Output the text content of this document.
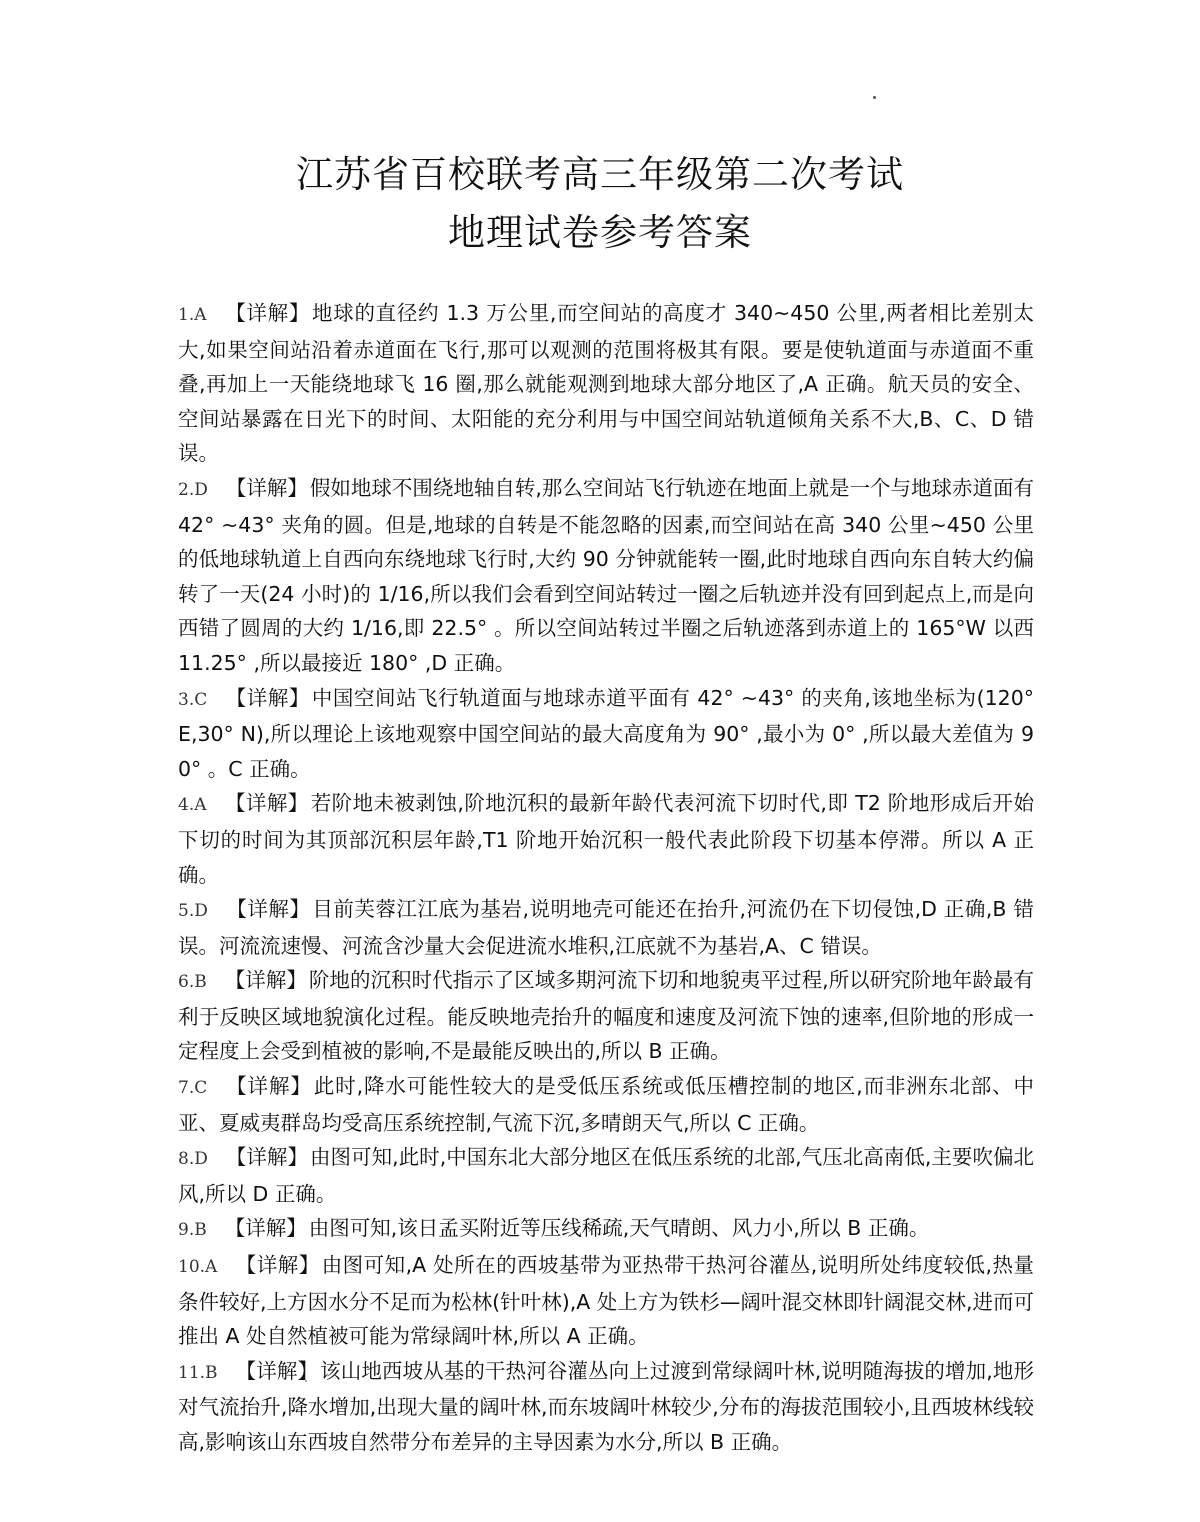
江苏省百校联考高三年级第二次考试
地理试卷参考答案

1.A 【详解】地球的直径约 1.3 万公里,而空间站的高度才 340~450 公里,两者相比差别太大,如果空间站沿着赤道面在飞行,那可以观测的范围将极其有限。要是使轨道面与赤道面不重叠,再加上一天能绕地球飞 16 圈,那么就能观测到地球大部分地区了,A 正确。航天员的安全、空间站暴露在日光下的时间、太阳能的充分利用与中国空间站轨道倾角关系不大,B、C、D 错误。

2.D 【详解】假如地球不围绕地轴自转,那么空间站飞行轨迹在地面上就是一个与地球赤道面有 42° ~43° 夹角的圆。但是,地球的自转是不能忽略的因素,而空间站在高 340 公里~450 公里的低地球轨道上自西向东绕地球飞行时,大约 90 分钟就能转一圈,此时地球自西向东自转大约偏转了一天(24 小时)的 1/16,所以我们会看到空间站转过一圈之后轨迹并没有回到起点上,而是向西错了圆周的大约 1/16,即 22.5° 。所以空间站转过半圈之后轨迹落到赤道上的 165°W 以西 11.25° ,所以最接近 180° ,D 正确。

3.C 【详解】中国空间站飞行轨道面与地球赤道平面有 42° ~43° 的夹角,该地坐标为(120°E,30° N),所以理论上该地观察中国空间站的最大高度角为 90° ,最小为 0° ,所以最大差值为 90° 。C 正确。

4.A 【详解】若阶地未被剥蚀,阶地沉积的最新年龄代表河流下切时代,即 T2 阶地形成后开始下切的时间为其顶部沉积层年龄,T1 阶地开始沉积一般代表此阶段下切基本停滞。所以 A 正确。

5.D 【详解】目前芙蓉江江底为基岩,说明地壳可能还在抬升,河流仍在下切侵蚀,D 正确,B 错误。河流流速慢、河流含沙量大会促进流水堆积,江底就不为基岩,A、C 错误。

6.B 【详解】阶地的沉积时代指示了区域多期河流下切和地貌夷平过程,所以研究阶地年龄最有利于反映区域地貌演化过程。能反映地壳抬升的幅度和速度及河流下蚀的速率,但阶地的形成一定程度上会受到植被的影响,不是最能反映出的,所以 B 正确。

7.C 【详解】此时,降水可能性较大的是受低压系统或低压槽控制的地区,而非洲东北部、中亚、夏威夷群岛均受高压系统控制,气流下沉,多晴朗天气,所以 C 正确。

8.D 【详解】由图可知,此时,中国东北大部分地区在低压系统的北部,气压北高南低,主要吹偏北风,所以 D 正确。

9.B 【详解】由图可知,该日孟买附近等压线稀疏,天气晴朗、风力小,所以 B 正确。

10.A 【详解】由图可知,A 处所在的西坡基带为亚热带干热河谷灌丛,说明所处纬度较低,热量条件较好,上方因水分不足而为松林(针叶林),A 处上方为铁杉—阔叶混交林即针阔混交林,进而可推出 A 处自然植被可能为常绿阔叶林,所以 A 正确。

11.B 【详解】该山地西坡从基的干热河谷灌丛向上过渡到常绿阔叶林,说明随海拔的增加,地形对气流抬升,降水增加,出现大量的阔叶林,而东坡阔叶林较少,分布的海拔范围较小,且西坡林线较高,影响该山东西坡自然带分布差异的主导因素为水分,所以 B 正确。
